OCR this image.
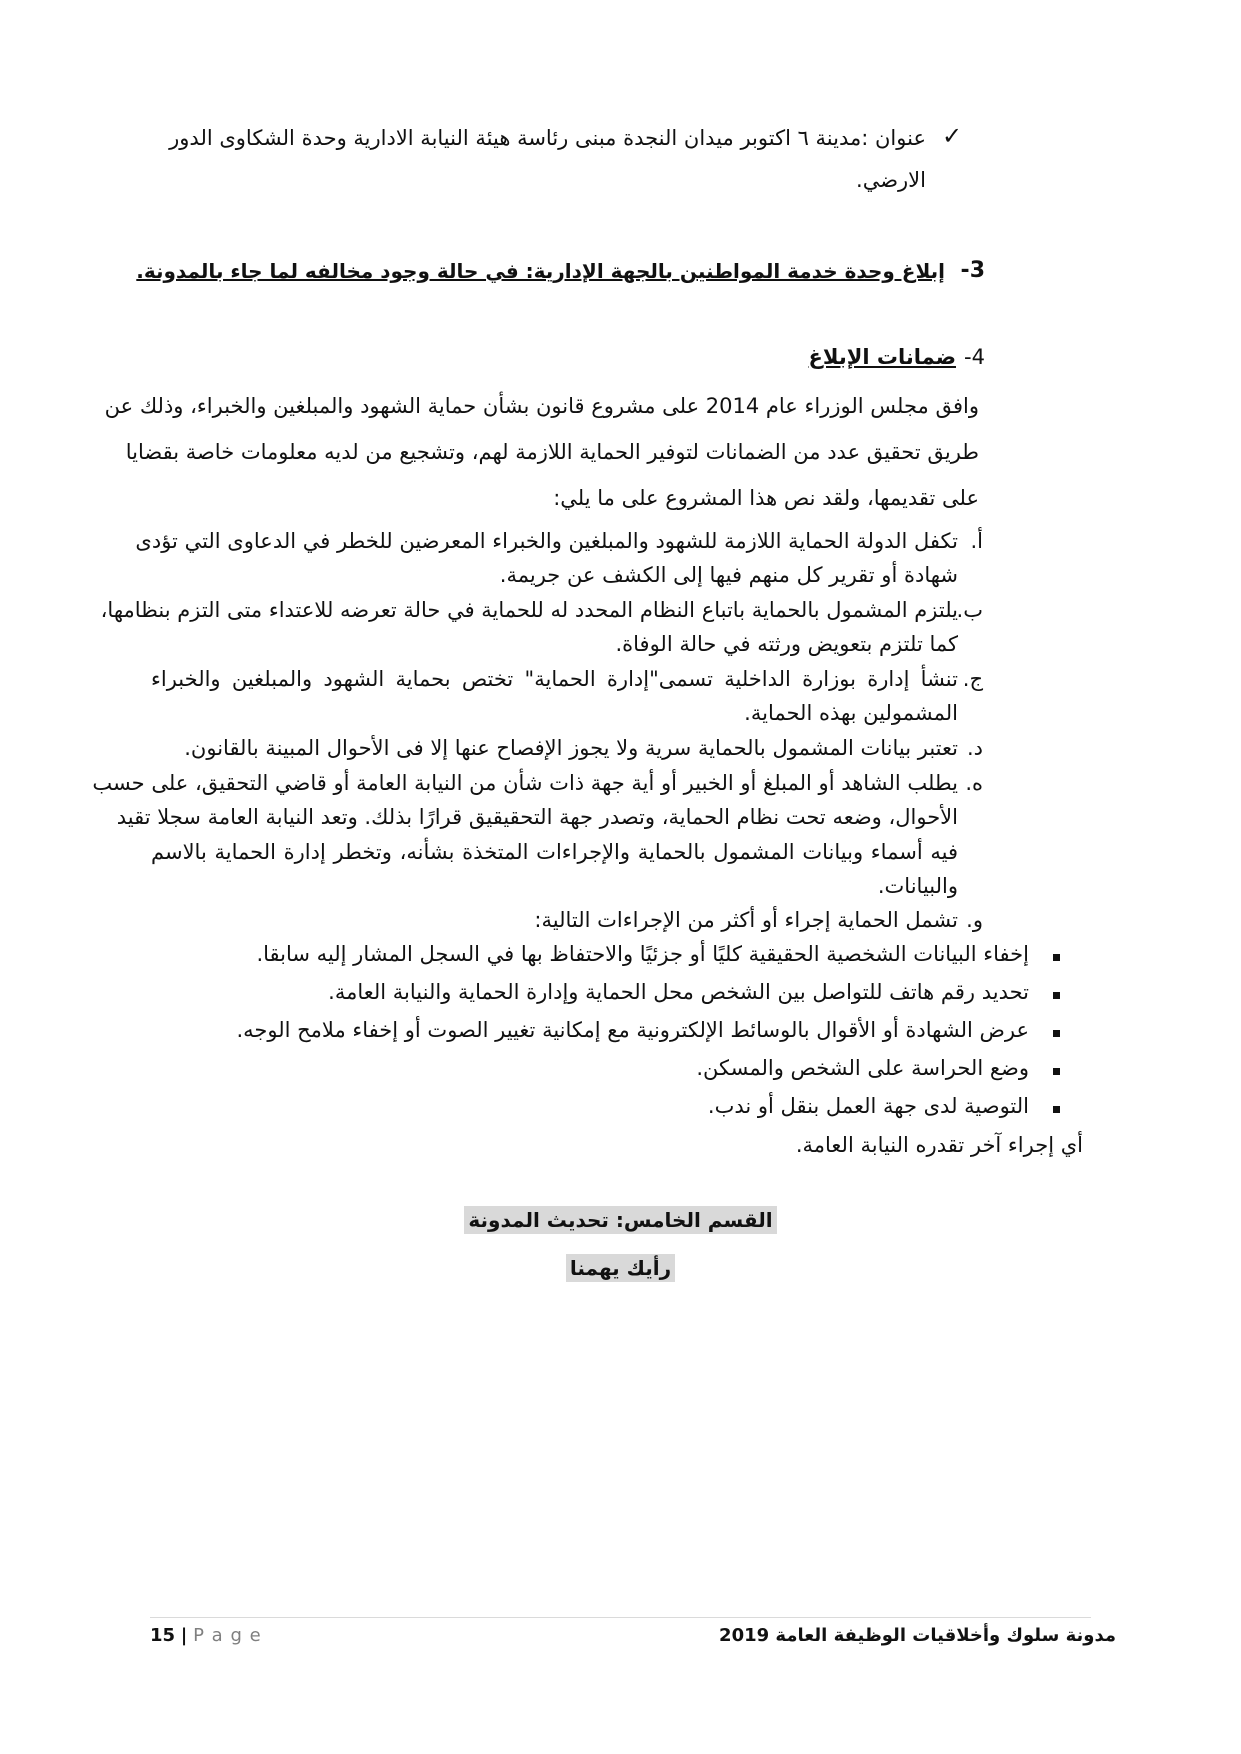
✓
عنوان :مدينة ٦ اكتوبر ميدان النجدة مبنى رئاسة هيئة النيابة الادارية وحدة الشكاوى الدور
الارضي.
3-
إبلاغ وحدة خدمة المواطنين بالجهة الإدارية: في حالة وجود مخالفه لما جاء بالمدونة.
4-
ضمانات الإبلاغ
وافق مجلس الوزراء عام 2014 على مشروع قانون بشأن حماية الشهود والمبلغين والخبراء، وذلك عن
طريق تحقيق عدد من الضمانات لتوفير الحماية اللازمة لهم، وتشجيع من لديه معلومات خاصة بقضايا
على تقديمها، ولقد نص هذا المشروع على ما يلي:
أ.
تكفل الدولة الحماية اللازمة للشهود والمبلغين والخبراء المعرضين للخطر في الدعاوى التي تؤدى
شهادة أو تقرير كل منهم فيها إلى الكشف عن جريمة.
ب.
يلتزم المشمول بالحماية باتباع النظام المحدد له للحماية في حالة تعرضه للاعتداء متى التزم بنظامها،
كما تلتزم بتعويض ورثته في حالة الوفاة.
ج.
تنشأ إدارة بوزارة الداخلية تسمى"إدارة الحماية" تختص بحماية الشهود والمبلغين والخبراء
المشمولين بهذه الحماية.
د.
تعتبر بيانات المشمول بالحماية سرية ولا يجوز الإفصاح عنها إلا فى الأحوال المبينة بالقانون.
ه.
يطلب الشاهد أو المبلغ أو الخبير أو أية جهة ذات شأن من النيابة العامة أو قاضي التحقيق، على حسب
الأحوال، وضعه تحت نظام الحماية، وتصدر جهة التحقيقيق قرارًا بذلك. وتعد النيابة العامة سجلا تقيد
فيه أسماء وبيانات المشمول بالحماية والإجراءات المتخذة بشأنه، وتخطر إدارة الحماية بالاسم
والبيانات.
و.
تشمل الحماية إجراء أو أكثر من الإجراءات التالية:
إخفاء البيانات الشخصية الحقيقية كليًا أو جزئيًا والاحتفاظ بها في السجل المشار إليه سابقا.
تحديد رقم هاتف للتواصل بين الشخص محل الحماية وإدارة الحماية والنيابة العامة.
عرض الشهادة أو الأقوال بالوسائط الإلكترونية مع إمكانية تغيير الصوت أو إخفاء ملامح الوجه.
وضع الحراسة على الشخص والمسكن.
التوصية لدى جهة العمل بنقل أو ندب.
أي إجراء آخر تقدره النيابة العامة.
القسم الخامس: تحديث المدونة
رأيك يهمنا
15 | P a g e	مدونة سلوك وأخلاقيات الوظيفة العامة 2019
